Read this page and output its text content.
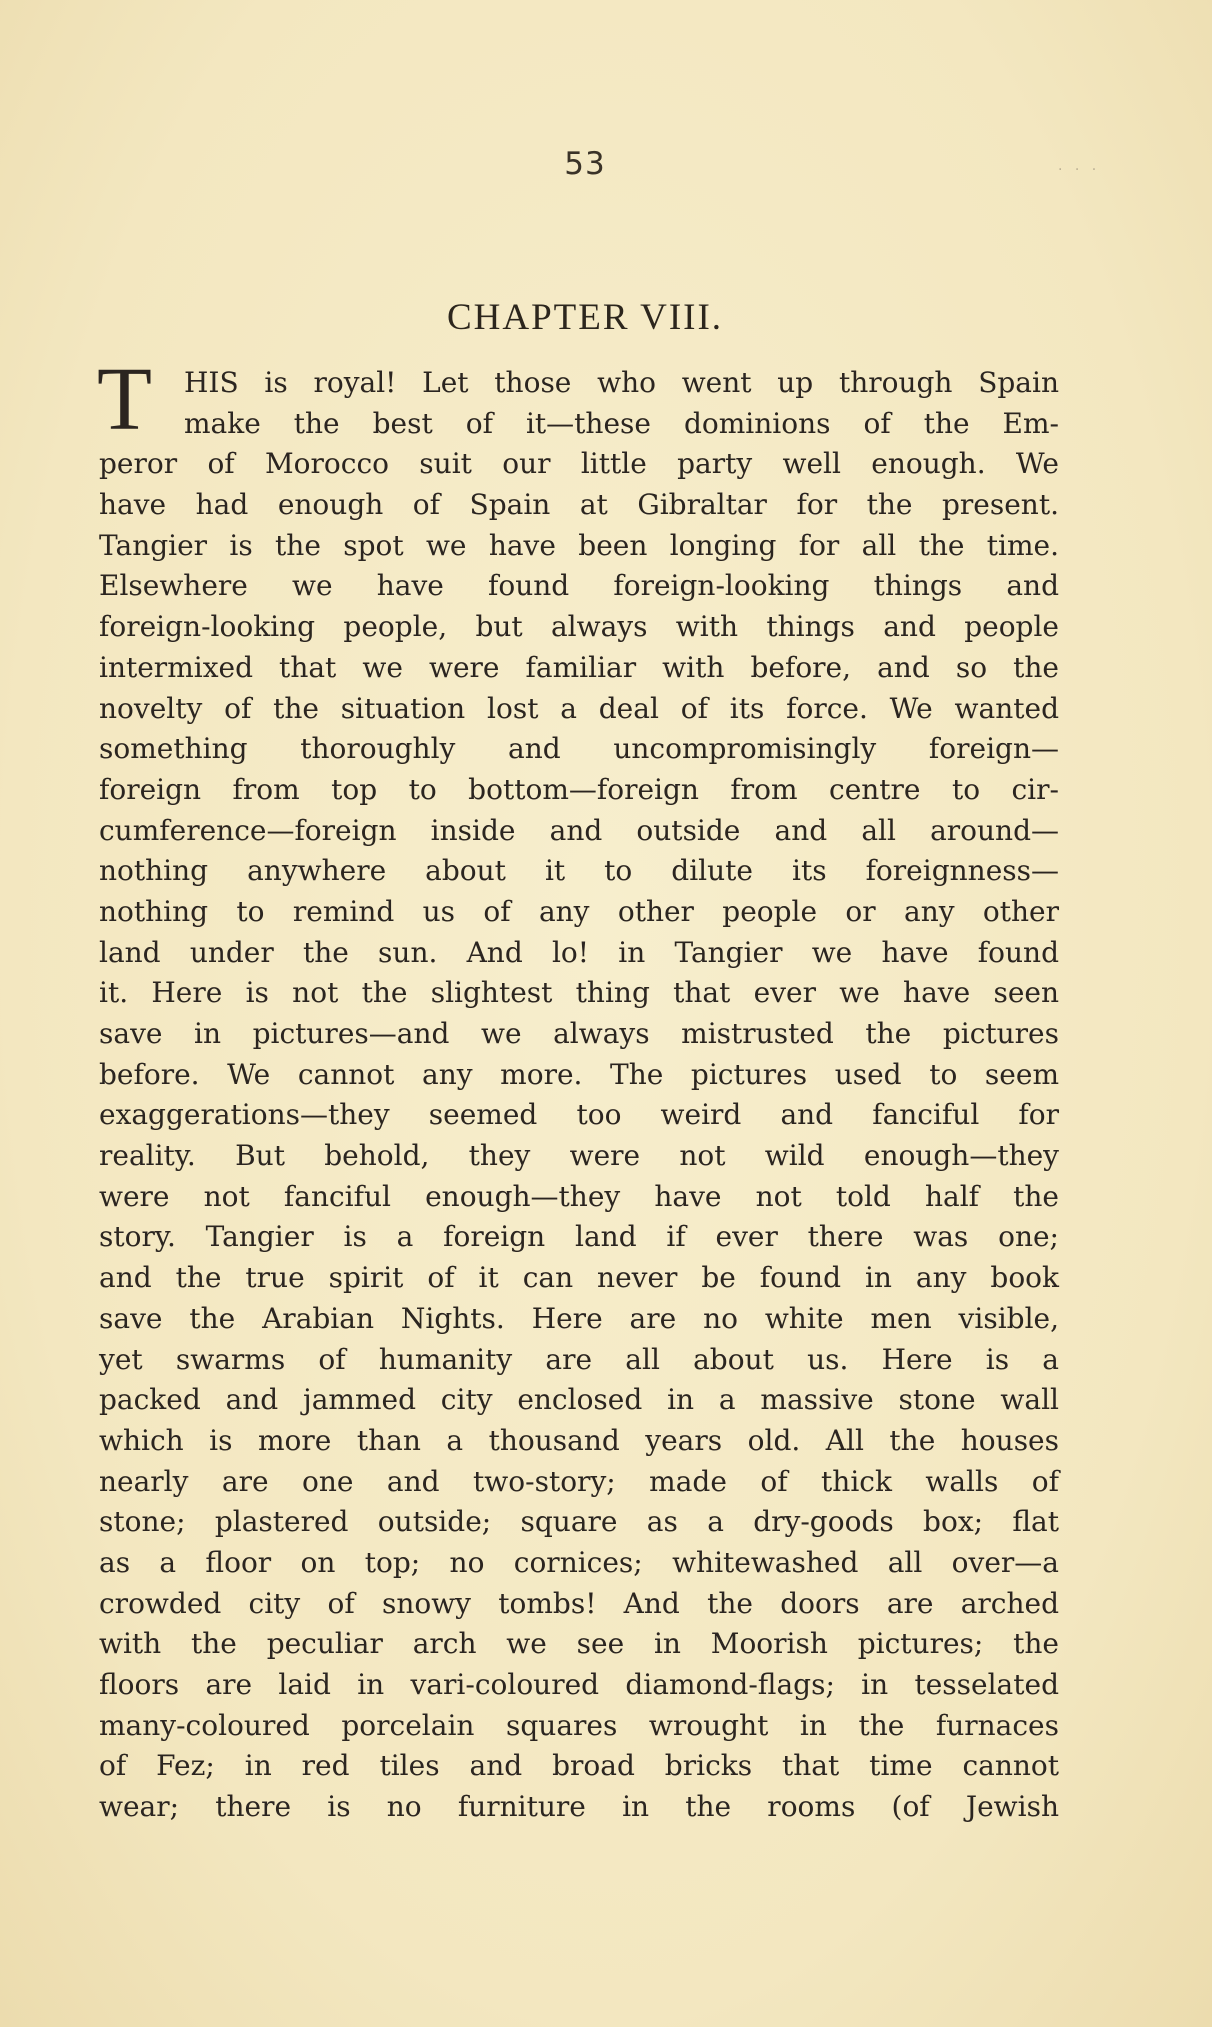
· · ·
53
CHAPTER VIII.
T	HIS is royal! Let those who went up through Spain
make the best of it—these dominions of the Em-
peror of Morocco suit our little party well enough. We
have had enough of Spain at Gibraltar for the present.
Tangier is the spot we have been longing for all the time.
Elsewhere we have found foreign-looking things and
foreign-looking people, but always with things and people
intermixed that we were familiar with before, and so the
novelty of the situation lost a deal of its force. We wanted
something thoroughly and uncompromisingly foreign—
foreign from top to bottom—foreign from centre to cir-
cumference—foreign inside and outside and all around—
nothing anywhere about it to dilute its foreignness—
nothing to remind us of any other people or any other
land under the sun. And lo! in Tangier we have found
it. Here is not the slightest thing that ever we have seen
save in pictures—and we always mistrusted the pictures
before. We cannot any more. The pictures used to seem
exaggerations—they seemed too weird and fanciful for
reality. But behold, they were not wild enough—they
were not fanciful enough—they have not told half the
story. Tangier is a foreign land if ever there was one;
and the true spirit of it can never be found in any book
save the Arabian Nights. Here are no white men visible,
yet swarms of humanity are all about us. Here is a
packed and jammed city enclosed in a massive stone wall
which is more than a thousand years old. All the houses
nearly are one and two-story; made of thick walls of
stone; plastered outside; square as a dry-goods box; flat
as a floor on top; no cornices; whitewashed all over—a
crowded city of snowy tombs! And the doors are arched
with the peculiar arch we see in Moorish pictures; the
floors are laid in vari-coloured diamond-flags; in tesselated
many-coloured porcelain squares wrought in the furnaces
of Fez; in red tiles and broad bricks that time cannot
wear; there is no furniture in the rooms (of Jewish
